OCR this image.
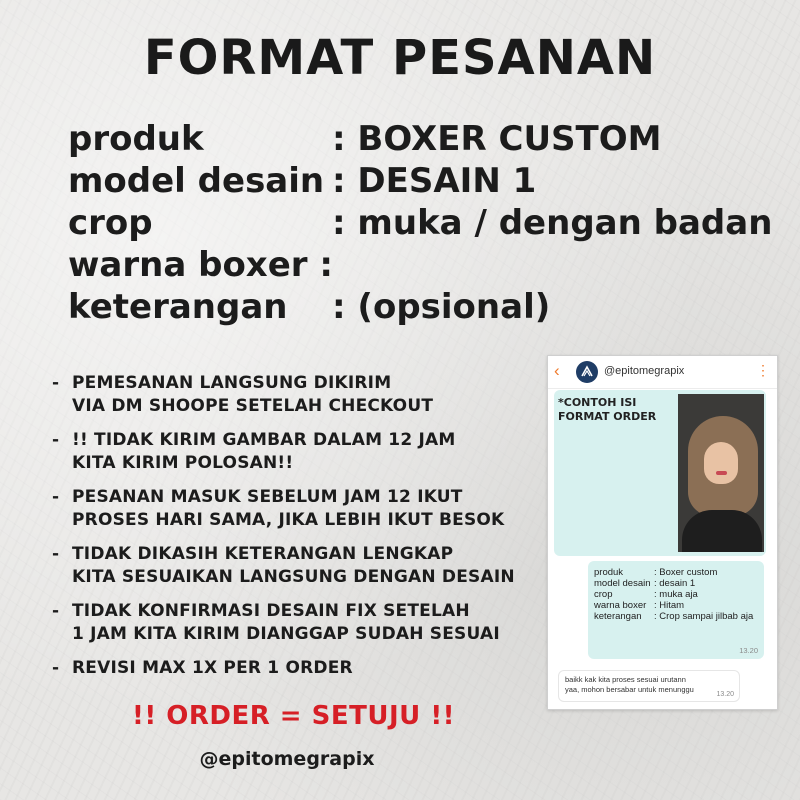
FORMAT PESANAN
produk	: BOXER CUSTOM
model desain : DESAIN 1
crop	: muka / dengan badan
warna boxer :
keterangan : (opsional)
- PEMESANAN LANGSUNG DIKIRIM
VIA DM SHOOPE SETELAH CHECKOUT
- !! TIDAK KIRIM GAMBAR DALAM 12 JAM
KITA KIRIM POLOSAN!!
- PESANAN MASUK SEBELUM JAM 12 IKUT
PROSES HARI SAMA, JIKA LEBIH IKUT BESOK
- TIDAK DIKASIH KETERANGAN LENGKAP
KITA SESUAIKAN LANGSUNG DENGAN DESAIN
- TIDAK KONFIRMASI DESAIN FIX SETELAH
1 JAM KITA KIRIM DIANGGAP SUDAH SESUAI
- REVISI MAX 1X PER 1 ORDER
!! ORDER = SETUJU !!
@epitomegrapix
‹	@epitomegrapix	⋮
*CONTOH ISI
FORMAT ORDER
produk	: Boxer custom
model desain : desain 1
crop	: muka aja
warna boxer : Hitam
keterangan : Crop sampai jilbab aja
13.20
baikk kak kita proses sesuai urutann
yaa, mohon bersabar untuk menunggu
13.20
